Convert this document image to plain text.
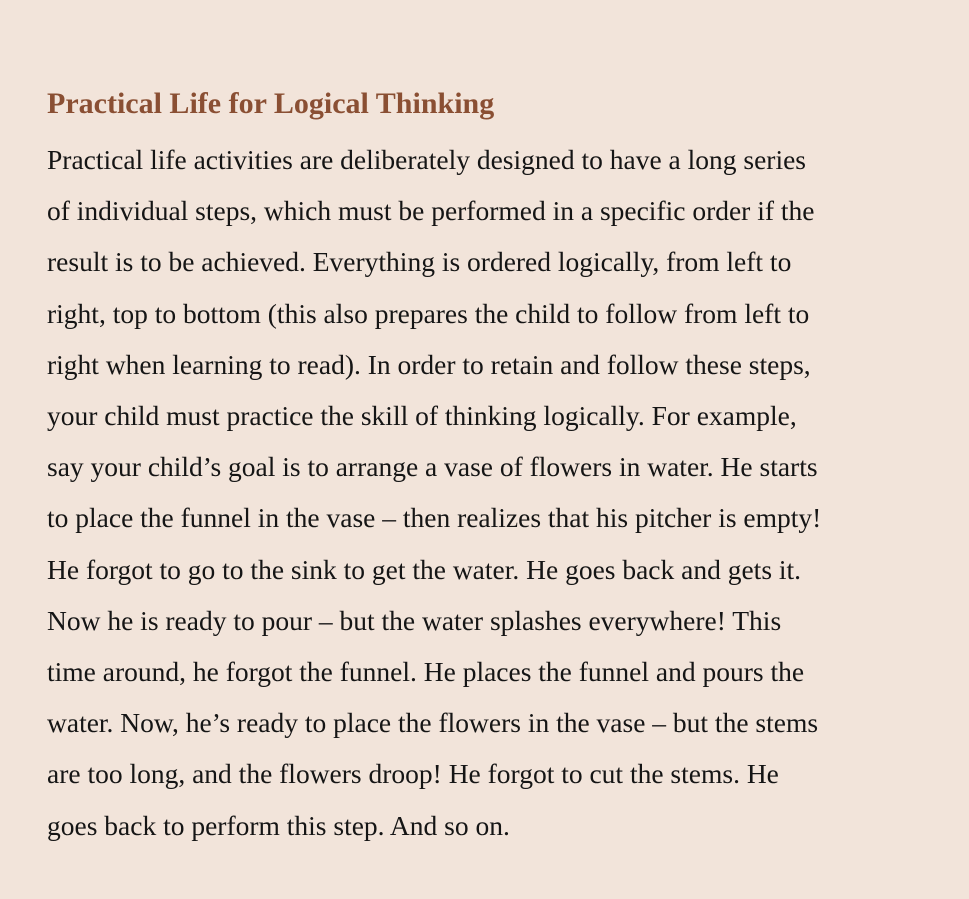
Practical Life for Logical Thinking

Practical life activities are deliberately designed to have a long series
of individual steps, which must be performed in a specific order if the
result is to be achieved. Everything is ordered logically, from left to
right, top to bottom (this also prepares the child to follow from left to
right when learning to read). In order to retain and follow these steps,
your child must practice the skill of thinking logically. For example,
say your child’s goal is to arrange a vase of flowers in water. He starts
to place the funnel in the vase – then realizes that his pitcher is empty!
He forgot to go to the sink to get the water. He goes back and gets it.
Now he is ready to pour – but the water splashes everywhere! This
time around, he forgot the funnel. He places the funnel and pours the
water. Now, he’s ready to place the flowers in the vase – but the stems
are too long, and the flowers droop! He forgot to cut the stems. He
goes back to perform this step. And so on.
